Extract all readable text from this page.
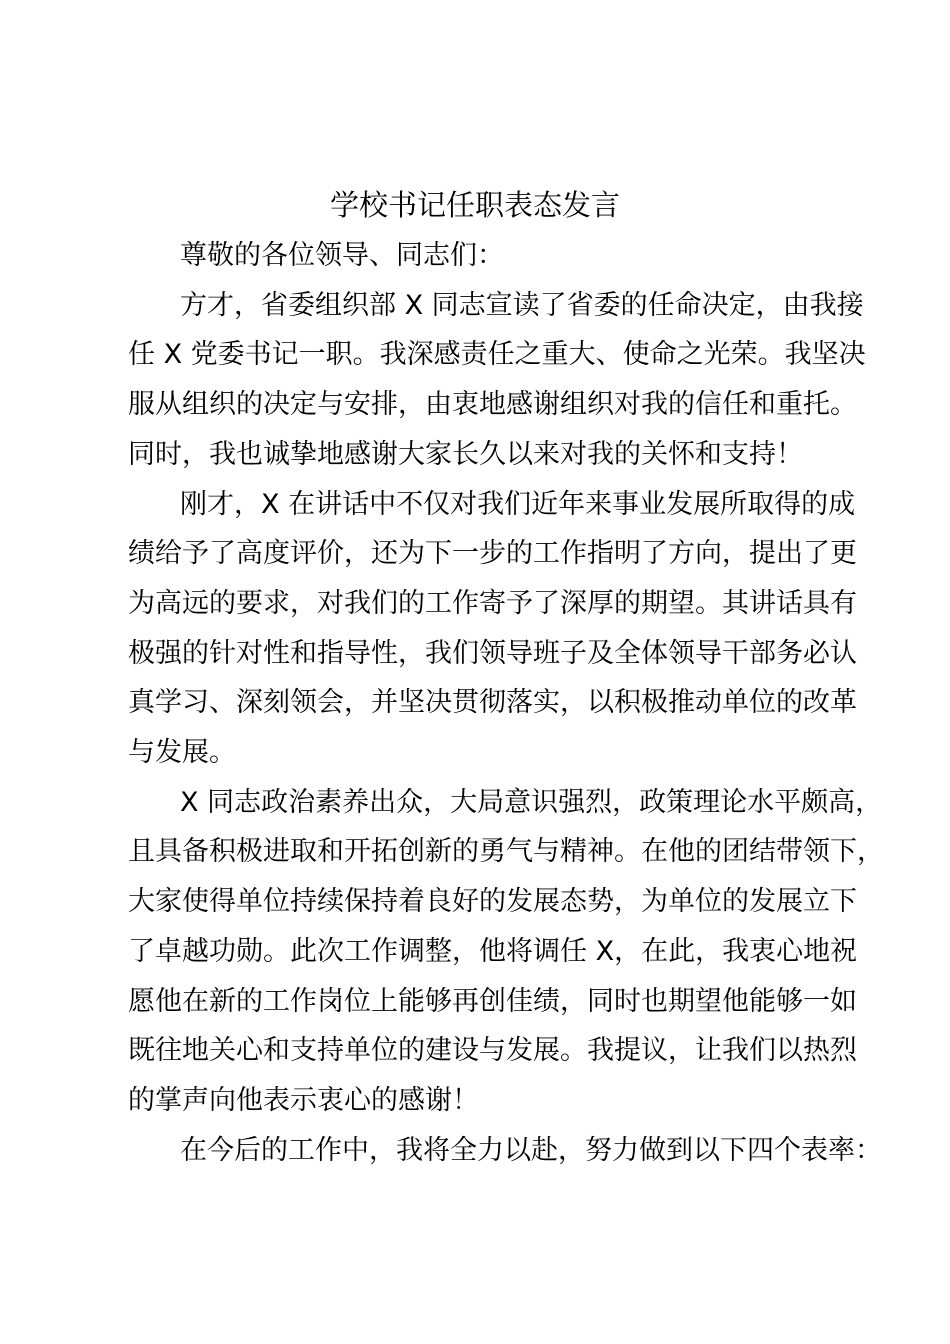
学校书记任职表态发言

尊敬的各位领导、同志们：

方才，省委组织部 X 同志宣读了省委的任命决定，由我接
任 X 党委书记一职。我深感责任之重大、使命之光荣。我坚决
服从组织的决定与安排，由衷地感谢组织对我的信任和重托。
同时，我也诚挚地感谢大家长久以来对我的关怀和支持！

刚才，X 在讲话中不仅对我们近年来事业发展所取得的成
绩给予了高度评价，还为下一步的工作指明了方向，提出了更
为高远的要求，对我们的工作寄予了深厚的期望。其讲话具有
极强的针对性和指导性，我们领导班子及全体领导干部务必认
真学习、深刻领会，并坚决贯彻落实，以积极推动单位的改革
与发展。

X 同志政治素养出众，大局意识强烈，政策理论水平颇高，
且具备积极进取和开拓创新的勇气与精神。在他的团结带领下，
大家使得单位持续保持着良好的发展态势，为单位的发展立下
了卓越功勋。此次工作调整，他将调任 X，在此，我衷心地祝
愿他在新的工作岗位上能够再创佳绩，同时也期望他能够一如
既往地关心和支持单位的建设与发展。我提议，让我们以热烈
的掌声向他表示衷心的感谢！

在今后的工作中，我将全力以赴，努力做到以下四个表率：
